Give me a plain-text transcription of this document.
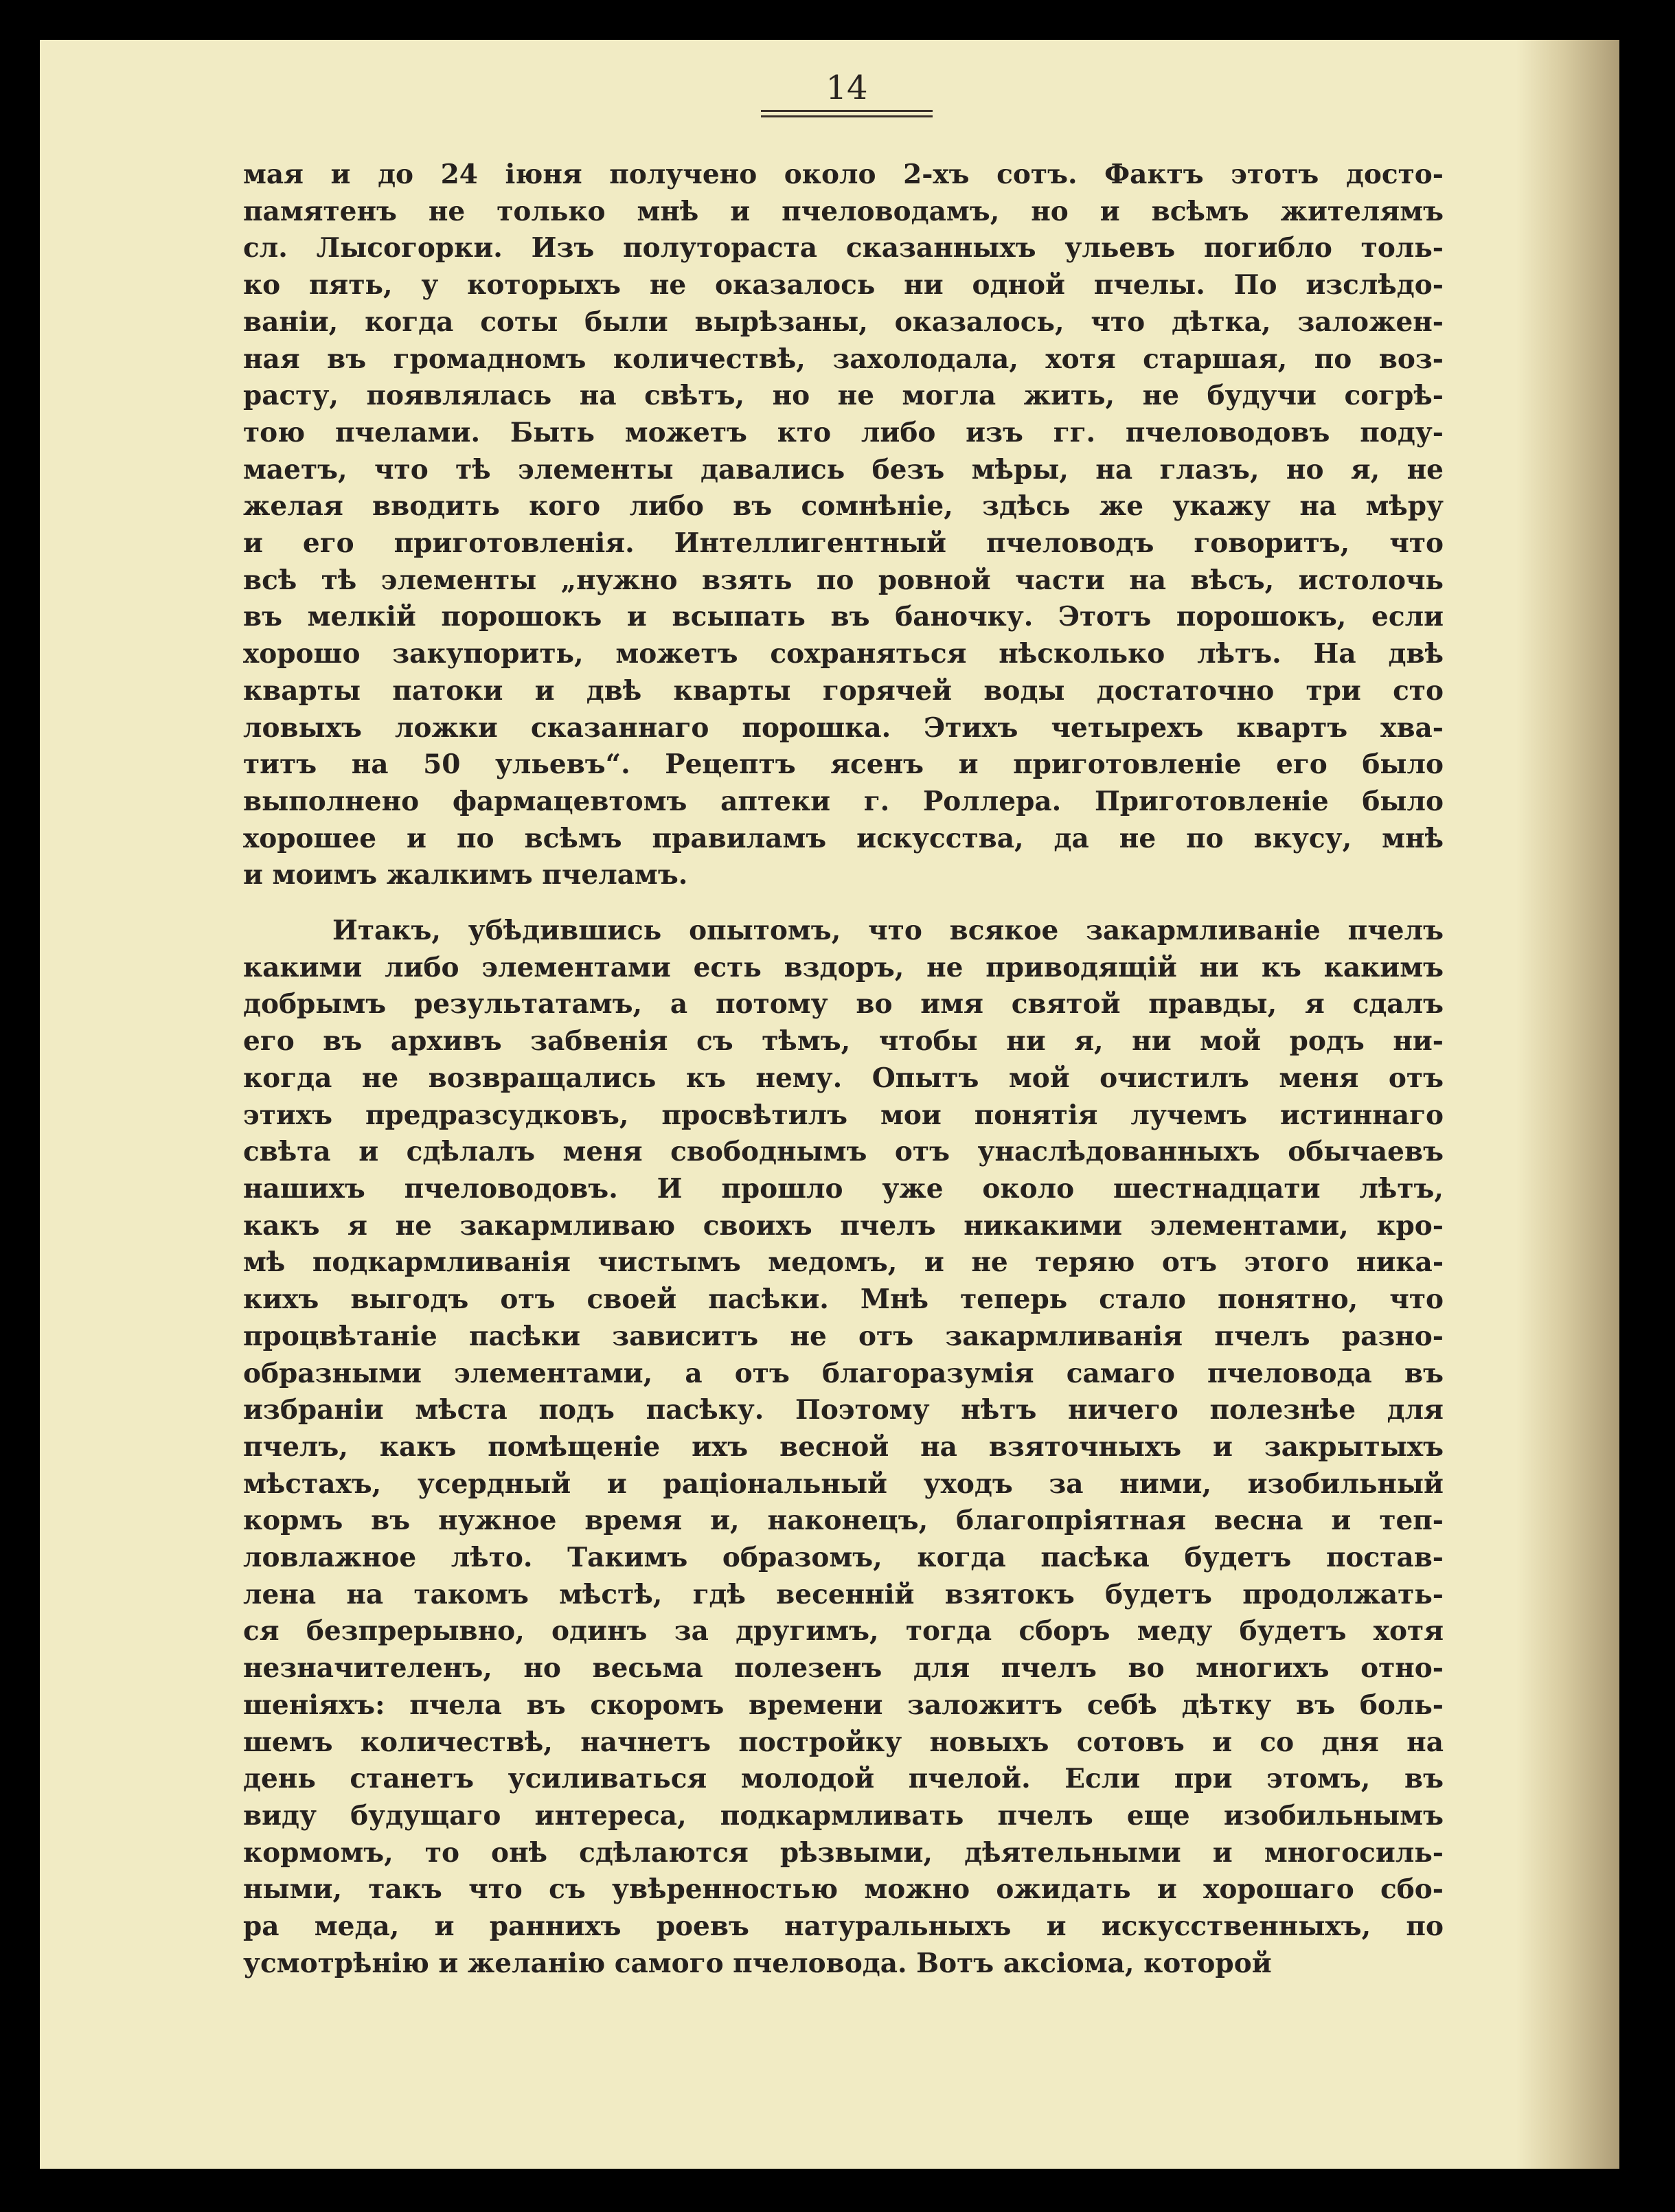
14
мая и до 24 іюня получено около 2-хъ сотъ. Фактъ этотъ досто-
памятенъ не только мнѣ и пчеловодамъ, но и всѣмъ жителямъ
сл. Лысогорки. Изъ полутораста сказанныхъ ульевъ погибло толь-
ко пять, у которыхъ не оказалось ни одной пчелы. По изслѣдо-
ваніи, когда соты были вырѣзаны, оказалось, что дѣтка, заложен-
ная въ громадномъ количествѣ, захолодала, хотя старшая, по воз-
расту, появлялась на свѣтъ, но не могла жить, не будучи согрѣ-
тою пчелами. Быть можетъ кто либо изъ гг. пчеловодовъ поду-
маетъ, что тѣ элементы давались безъ мѣры, на глазъ, но я, не
желая вводить кого либо въ сомнѣніе, здѣсь же укажу на мѣру
и его приготовленія. Интеллигентный пчеловодъ говоритъ, что
всѣ тѣ элементы „нужно взять по ровной части на вѣсъ, истолочь
въ мелкій порошокъ и всыпать въ баночку. Этотъ порошокъ, если
хорошо закупорить, можетъ сохраняться нѣсколько лѣтъ. На двѣ
кварты патоки и двѣ кварты горячей воды достаточно три сто
ловыхъ ложки сказаннаго порошка. Этихъ четырехъ квартъ хва-
титъ на 50 ульевъ“. Рецептъ ясенъ и приготовленіе его было
выполнено фармацевтомъ аптеки г. Роллера. Приготовленіе было
хорошее и по всѣмъ правиламъ искусства, да не по вкусу, мнѣ
и моимъ жалкимъ пчеламъ.
Итакъ, убѣдившись опытомъ, что всякое закармливаніе пчелъ
какими либо элементами есть вздоръ, не приводящій ни къ какимъ
добрымъ результатамъ, а потому во имя святой правды, я сдалъ
его въ архивъ забвенія съ тѣмъ, чтобы ни я, ни мой родъ ни-
когда не возвращались къ нему. Опытъ мой очистилъ меня отъ
этихъ предразсудковъ, просвѣтилъ мои понятія лучемъ истиннаго
свѣта и сдѣлалъ меня свободнымъ отъ унаслѣдованныхъ обычаевъ
нашихъ пчеловодовъ. И прошло уже около шестнадцати лѣтъ,
какъ я не закармливаю своихъ пчелъ никакими элементами, кро-
мѣ подкармливанія чистымъ медомъ, и не теряю отъ этого ника-
кихъ выгодъ отъ своей пасѣки. Мнѣ теперь стало понятно, что
процвѣтаніе пасѣки зависитъ не отъ закармливанія пчелъ разно-
образными элементами, а отъ благоразумія самаго пчеловода въ
избраніи мѣста подъ пасѣку. Поэтому нѣтъ ничего полезнѣе для
пчелъ, какъ помѣщеніе ихъ весной на взяточныхъ и закрытыхъ
мѣстахъ, усердный и раціональный уходъ за ними, изобильный
кормъ въ нужное время и, наконецъ, благопріятная весна и теп-
ловлажное лѣто. Такимъ образомъ, когда пасѣка будетъ постав-
лена на такомъ мѣстѣ, гдѣ весенній взятокъ будетъ продолжать-
ся безпрерывно, одинъ за другимъ, тогда сборъ меду будетъ хотя
незначителенъ, но весьма полезенъ для пчелъ во многихъ отно-
шеніяхъ: пчела въ скоромъ времени заложитъ себѣ дѣтку въ боль-
шемъ количествѣ, начнетъ постройку новыхъ сотовъ и со дня на
день станетъ усиливаться молодой пчелой. Если при этомъ, въ
виду будущаго интереса, подкармливать пчелъ еще изобильнымъ
кормомъ, то онѣ сдѣлаются рѣзвыми, дѣятельными и многосиль-
ными, такъ что съ увѣренностью можно ожидать и хорошаго сбо-
ра меда, и раннихъ роевъ натуральныхъ и искусственныхъ, по
усмотрѣнію и желанію самого пчеловода. Вотъ аксіома, которой
